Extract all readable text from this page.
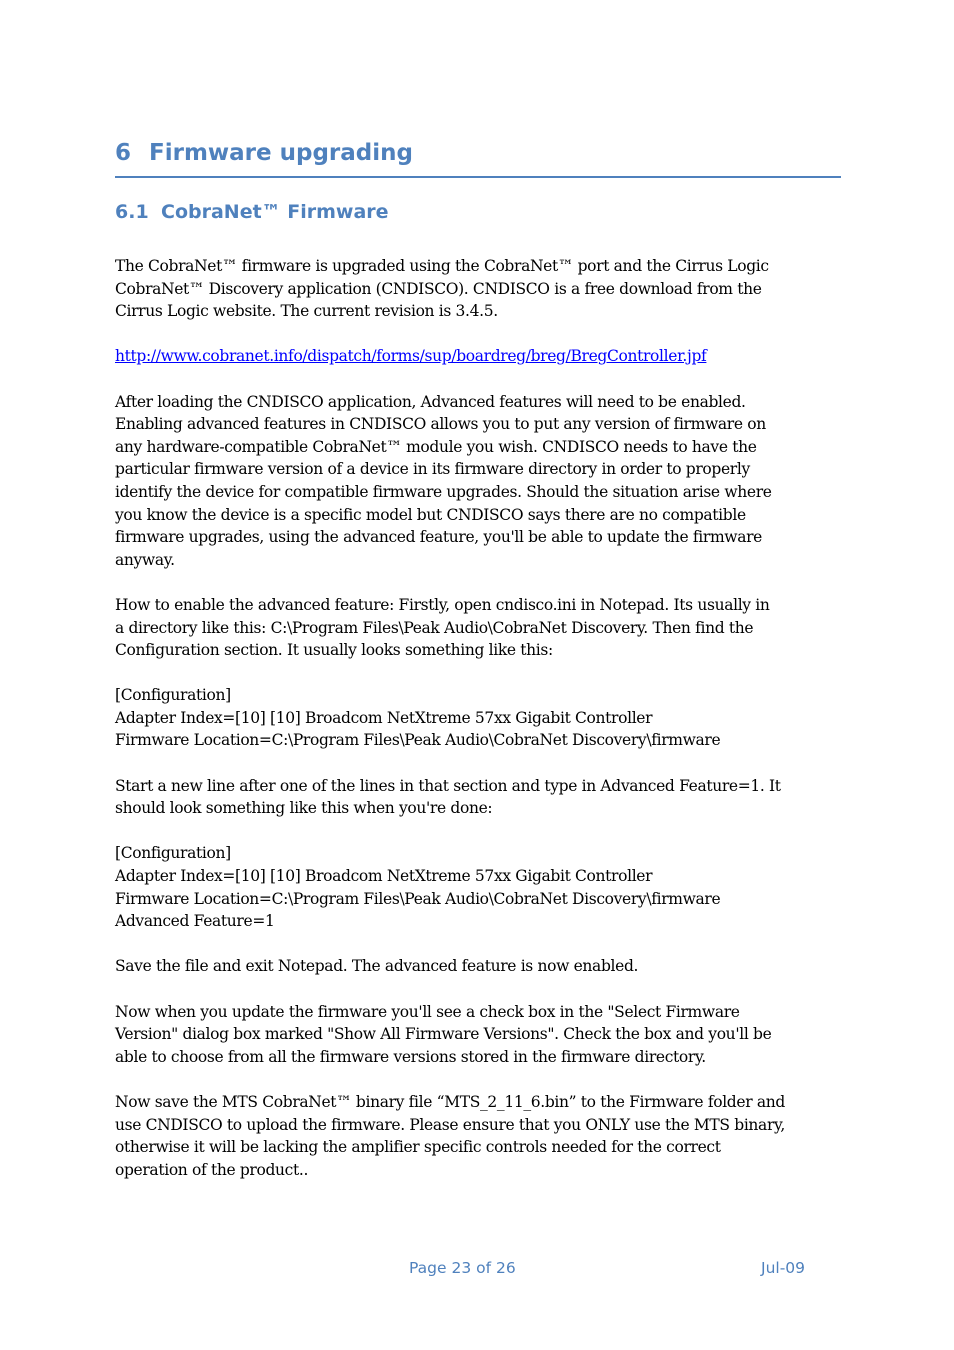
6 Firmware upgrading
6.1 CobraNet™ Firmware

The CobraNet™ firmware is upgraded using the CobraNet™ port and the Cirrus Logic
CobraNet™ Discovery application (CNDISCO). CNDISCO is a free download from the
Cirrus Logic website. The current revision is 3.4.5.

http://www.cobranet.info/dispatch/forms/sup/boardreg/breg/BregController.jpf

After loading the CNDISCO application, Advanced features will need to be enabled.
Enabling advanced features in CNDISCO allows you to put any version of firmware on
any hardware-compatible CobraNet™ module you wish. CNDISCO needs to have the
particular firmware version of a device in its firmware directory in order to properly
identify the device for compatible firmware upgrades. Should the situation arise where
you know the device is a specific model but CNDISCO says there are no compatible
firmware upgrades, using the advanced feature, you'll be able to update the firmware
anyway.

How to enable the advanced feature: Firstly, open cndisco.ini in Notepad. Its usually in
a directory like this: C:\Program Files\Peak Audio\CobraNet Discovery. Then find the
Configuration section. It usually looks something like this:

[Configuration]
Adapter Index=[10] [10] Broadcom NetXtreme 57xx Gigabit Controller
Firmware Location=C:\Program Files\Peak Audio\CobraNet Discovery\firmware

Start a new line after one of the lines in that section and type in Advanced Feature=1. It
should look something like this when you're done:

[Configuration]
Adapter Index=[10] [10] Broadcom NetXtreme 57xx Gigabit Controller
Firmware Location=C:\Program Files\Peak Audio\CobraNet Discovery\firmware
Advanced Feature=1

Save the file and exit Notepad. The advanced feature is now enabled.

Now when you update the firmware you'll see a check box in the "Select Firmware
Version" dialog box marked "Show All Firmware Versions". Check the box and you'll be
able to choose from all the firmware versions stored in the firmware directory.

Now save the MTS CobraNet™ binary file “MTS_2_11_6.bin” to the Firmware folder and
use CNDISCO to upload the firmware. Please ensure that you ONLY use the MTS binary,
otherwise it will be lacking the amplifier specific controls needed for the correct
operation of the product..

Page 23 of 26	Jul-09
